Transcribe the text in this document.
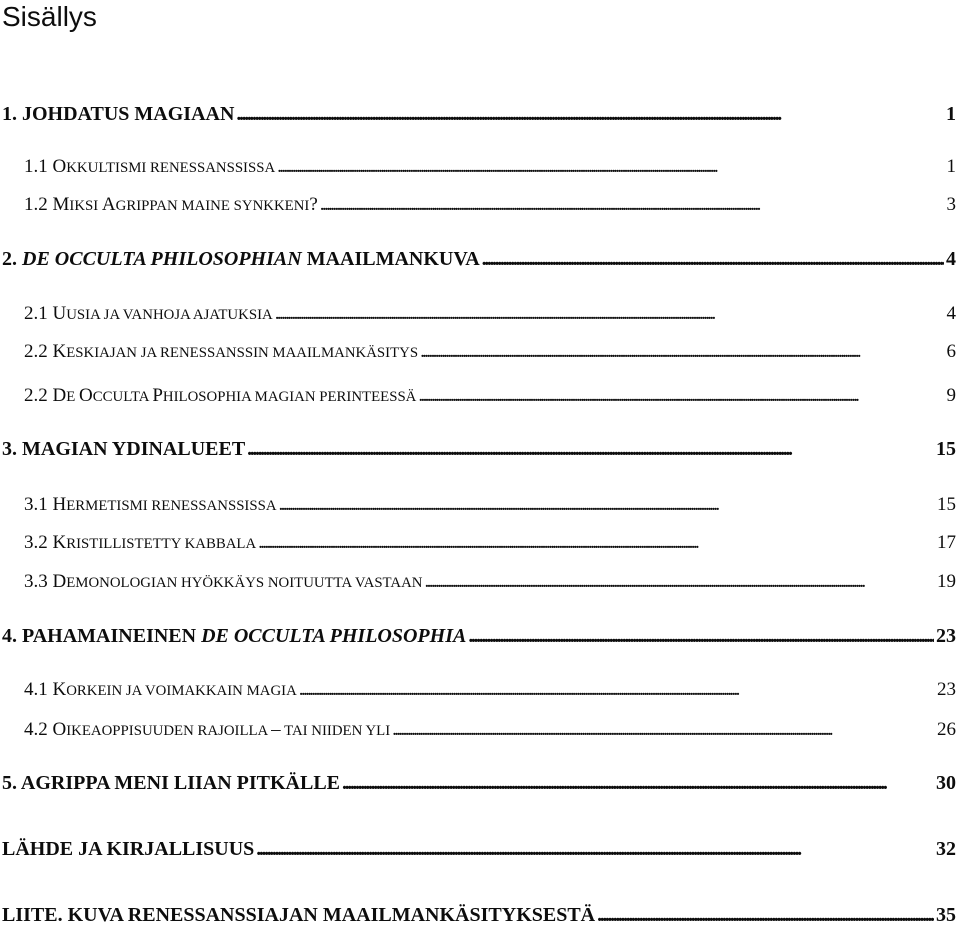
Sisällys
1. JOHDATUS MAGIAAN . . .	1
1.1 OKKULTISMI RENESSANSSISSA . . .	1
1.2 MIKSI AGRIPPAN MAINE SYNKKENI? . . .	3
2. DE OCCULTA PHILOSOPHIAN MAAILMANKUVA . . .	4
2.1 UUSIA JA VANHOJA AJATUKSIA . . .	4
2.2 KESKIAJAN JA RENESSANSSIN MAAILMANKÄSITYS . . .	6
2.2 DE OCCULTA PHILOSOPHIA MAGIAN PERINTEESSÄ . . .	9
3. MAGIAN YDINALUEET . . .	15
3.1 HERMETISMI RENESSANSSISSA . . .	15
3.2 KRISTILLISTETTY KABBALA . . .	17
3.3 DEMONOLOGIAN HYÖKKÄYS NOITUUTTA VASTAAN . . .	19
4. PAHAMAINEINEN DE OCCULTA PHILOSOPHIA . . .	23
4.1 KORKEIN JA VOIMAKKAIN MAGIA . . .	23
4.2 OIKEAOPPISUUDEN RAJOILLA – TAI NIIDEN YLI . . .	26
5. AGRIPPA MENI LIIAN PITKÄLLE . . .	30
LÄHDE JA KIRJALLISUUS . . .	32
LIITE. KUVA RENESSANSSIAJAN MAAILMANKÄSITYKSESTÄ . . .	35
